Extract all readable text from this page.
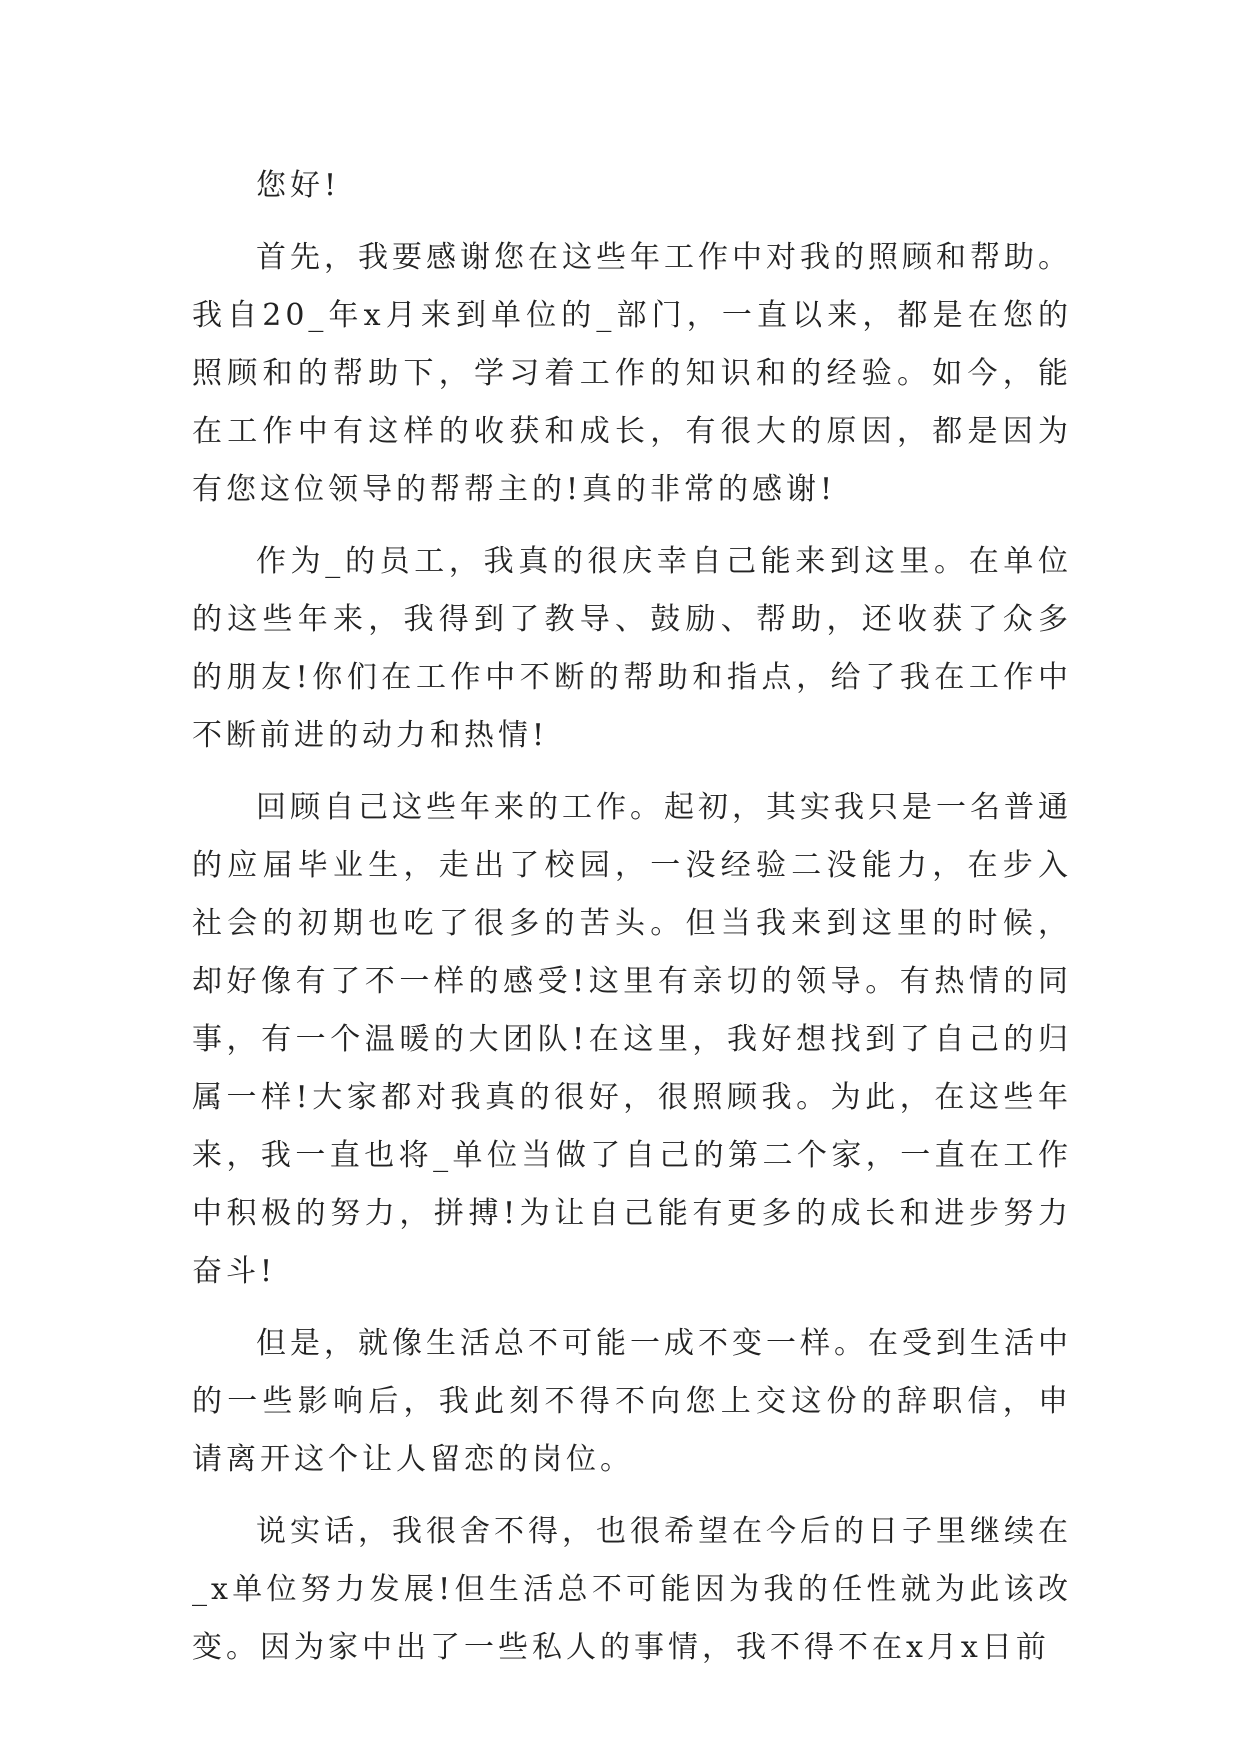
您好!

首先，我要感谢您在这些年工作中对我的照顾和帮助。我自20_年x月来到单位的_部门，一直以来，都是在您的照顾和的帮助下，学习着工作的知识和的经验。如今，能在工作中有这样的收获和成长，有很大的原因，都是因为有您这位领导的帮帮主的!真的非常的感谢!

作为_的员工，我真的很庆幸自己能来到这里。在单位的这些年来，我得到了教导、鼓励、帮助，还收获了众多的朋友!你们在工作中不断的帮助和指点，给了我在工作中不断前进的动力和热情!

回顾自己这些年来的工作。起初，其实我只是一名普通的应届毕业生，走出了校园，一没经验二没能力，在步入社会的初期也吃了很多的苦头。但当我来到这里的时候，却好像有了不一样的感受!这里有亲切的领导。有热情的同事，有一个温暖的大团队!在这里，我好想找到了自己的归属一样!大家都对我真的很好，很照顾我。为此，在这些年来，我一直也将_单位当做了自己的第二个家，一直在工作中积极的努力，拼搏!为让自己能有更多的成长和进步努力奋斗!

但是，就像生活总不可能一成不变一样。在受到生活中的一些影响后，我此刻不得不向您上交这份的辞职信，申请离开这个让人留恋的岗位。

说实话，我很舍不得，也很希望在今后的日子里继续在_x单位努力发展!但生活总不可能因为我的任性就为此该改变。因为家中出了一些私人的事情，我不得不在x月x日前
